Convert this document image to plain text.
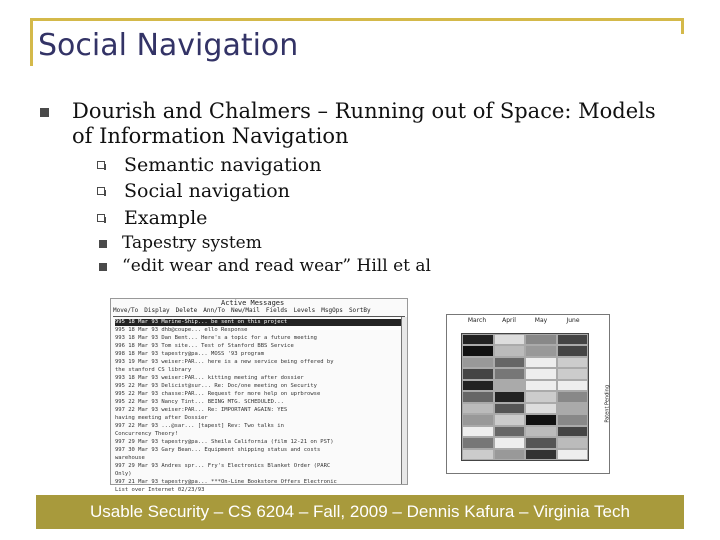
Social Navigation
Dourish and Chalmers – Running out of Space: Models
of Information Navigation
Semantic navigation
Social navigation
Example
Tapestry system
“edit wear and read wear” Hill et al
Active Messages
Move/To Display Delete Ann/To New/Mail Fields Levels MsgOps SortBy
995 18 Mar 93 Marine-Ship... be sent on this project
995 18 Mar 93 dhb@coupe... ello Response
993 18 Mar 93 Dan Bent... Here's a topic for a future meeting
996 18 Mar 93 Tom site... Test of Stanford BBS Service
998 18 Mar 93 tapestry@pa... MOSS '93 program
993 19 Mar 93 weiser:PAR... here is a new service being offered by
the stanford CS library
993 18 Mar 93 weiser:PAR... kitting meeting after dossier
995 22 Mar 93 Delicist@sur... Re: Doc/one meeting on Security
995 22 Mar 93 chasse:PAR... Request for more help on uprbrowse
995 22 Mar 93 Nancy Tint... BEING MTG. SCHEDULED...
997 22 Mar 93 weiser:PAR... Re: IMPORTANT AGAIN: YES
having meeting after Dossier
997 22 Mar 93 ...@sar... [tapest] Rev: Two talks in
Concurrency Theory!
997 29 Mar 93 tapestry@pa... Sheila California (film 12-21 on PST)
997 30 Mar 93 Gary Bean... Equipment shipping status and costs
warehouse
997 29 Mar 93 Andres spr... Fry's Electronics Blanket Order (PARC
Only)
997 21 Mar 93 tapestry@pa... ***On-Line Bookstore Offers Electronic
List over Internet 02/23/93
March	April	May	June
Patent Pending
Usable Security – CS 6204 – Fall, 2009 – Dennis Kafura – Virginia Tech
